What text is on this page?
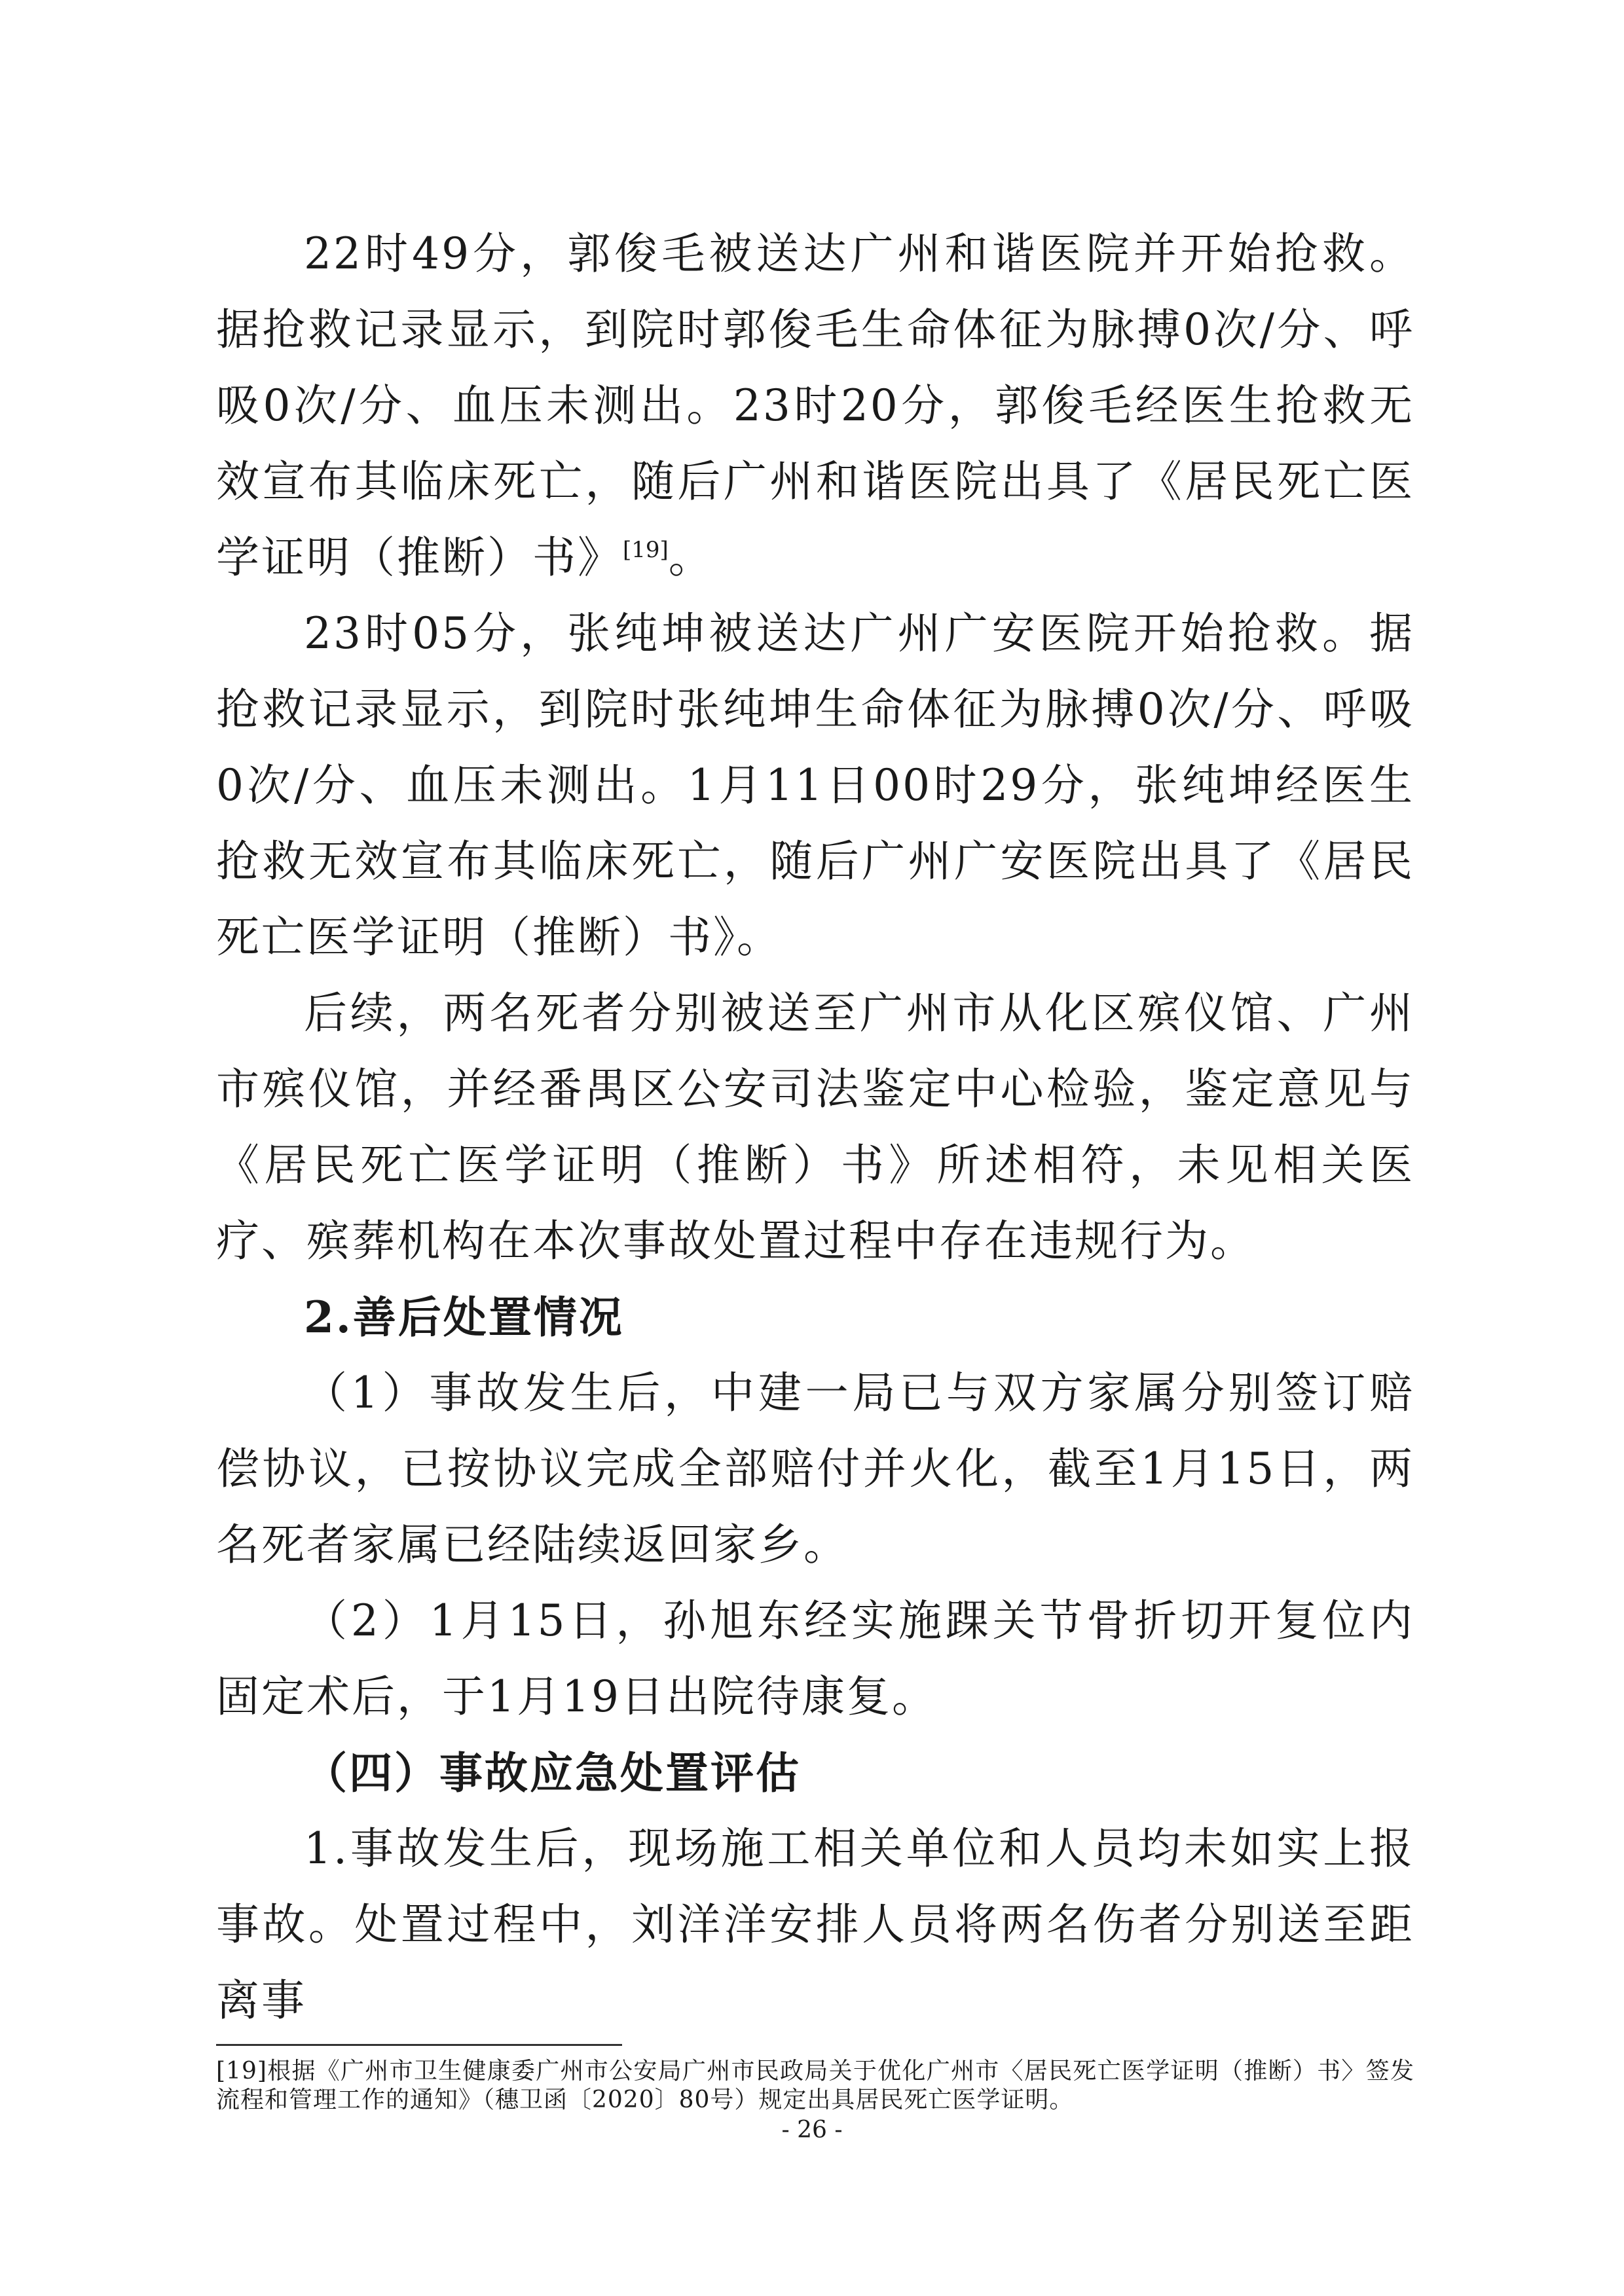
22时49分，郭俊毛被送达广州和谐医院并开始抢救。据抢救记录显示，到院时郭俊毛生命体征为脉搏0次/分、呼吸0次/分、血压未测出。23时20分，郭俊毛经医生抢救无效宣布其临床死亡，随后广州和谐医院出具了《居民死亡医学证明（推断）书》[19]。

23时05分，张纯坤被送达广州广安医院开始抢救。据抢救记录显示，到院时张纯坤生命体征为脉搏0次/分、呼吸0次/分、血压未测出。1月11日00时29分，张纯坤经医生抢救无效宣布其临床死亡，随后广州广安医院出具了《居民死亡医学证明（推断）书》。

后续，两名死者分别被送至广州市从化区殡仪馆、广州市殡仪馆，并经番禺区公安司法鉴定中心检验，鉴定意见与《居民死亡医学证明（推断）书》所述相符，未见相关医疗、殡葬机构在本次事故处置过程中存在违规行为。

2.善后处置情况

（1）事故发生后，中建一局已与双方家属分别签订赔偿协议，已按协议完成全部赔付并火化，截至1月15日，两名死者家属已经陆续返回家乡。

（2）1月15日，孙旭东经实施踝关节骨折切开复位内固定术后，于1月19日出院待康复。

（四）事故应急处置评估

1.事故发生后，现场施工相关单位和人员均未如实上报事故。处置过程中，刘洋洋安排人员将两名伤者分别送至距离事

[19]根据《广州市卫生健康委广州市公安局广州市民政局关于优化广州市〈居民死亡医学证明（推断）书〉签发流程和管理工作的通知》（穗卫函〔2020〕80号）规定出具居民死亡医学证明。
- 26 -
